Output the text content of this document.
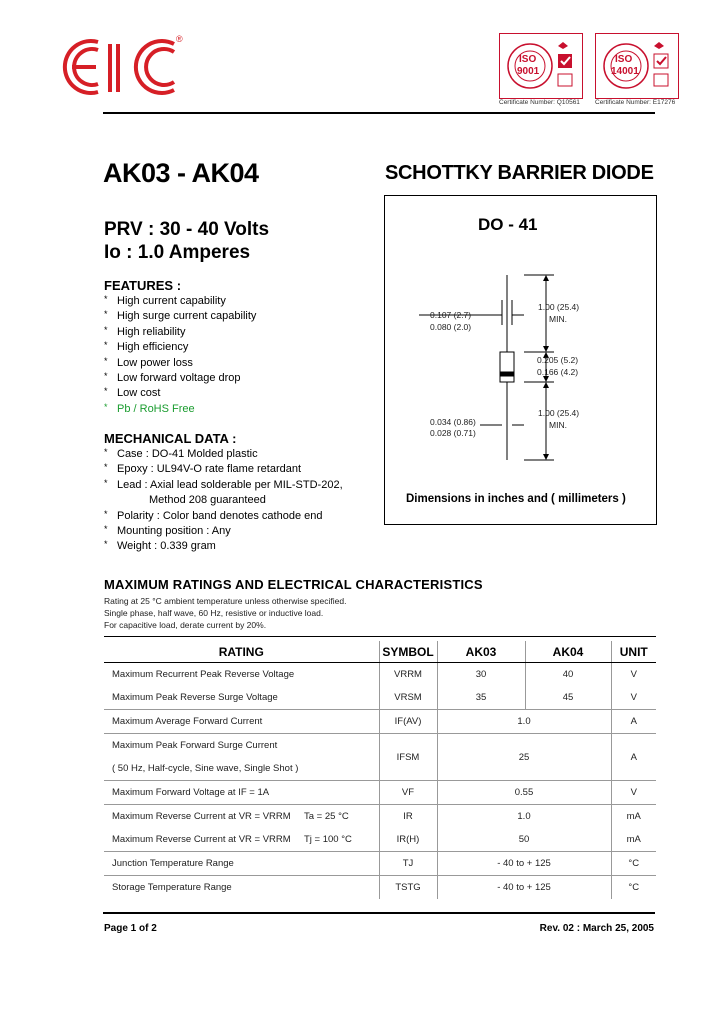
®
ISO
9001
Certificate Number: Q10561
ISO
14001
Certificate Number: E17276
AK03 - AK04	SCHOTTKY BARRIER DIODE
PRV : 30 - 40 Volts
Io : 1.0 Amperes
FEATURES :
* High current capability
* High surge current capability
* High reliability
* High efficiency
* Low power loss
* Low forward voltage drop
* Low cost
* Pb / RoHS Free
MECHANICAL DATA :
* Case : DO-41 Molded plastic
* Epoxy : UL94V-O rate flame retardant
* Lead : Axial lead solderable per MIL-STD-202,
Method 208 guaranteed
* Polarity : Color band denotes cathode end
* Mounting position : Any
* Weight : 0.339 gram
DO - 41
0.107 (2.7)
0.080 (2.0)
1.00 (25.4)
MIN.
0.205 (5.2)
0.166 (4.2)
0.034 (0.86)
0.028 (0.71)
1.00 (25.4)
MIN.
Dimensions in inches and ( millimeters )
MAXIMUM RATINGS AND ELECTRICAL CHARACTERISTICS
Rating at 25 °C ambient temperature unless otherwise specified.
Single phase, half wave, 60 Hz, resistive or inductive load.
For capacitive load, derate current by 20%.
RATING	SYMBOL	AK03	AK04	UNIT
Maximum Recurrent Peak Reverse Voltage	VRRM	30	40	V
Maximum Peak Reverse Surge Voltage	VRSM	35	45	V
Maximum Average Forward Current	IF(AV)	1.0		A

Maximum Peak Forward Surge Current
( 50 Hz, Half-cycle, Sine wave, Single Shot )	IFSM	25		A
Maximum Forward Voltage at IF = 1A	VF	0.55		V
Maximum Reverse Current at VR = VRRM Ta = 25 °C	IR	1.0		mA
Maximum Reverse Current at VR = VRRM Tj = 100 °C	IR(H)	50		mA
Junction Temperature Range	TJ	- 40 to + 125		°C
Storage Temperature Range	TSTG	- 40 to + 125		°C
Page 1 of 2	Rev. 02 : March 25, 2005
